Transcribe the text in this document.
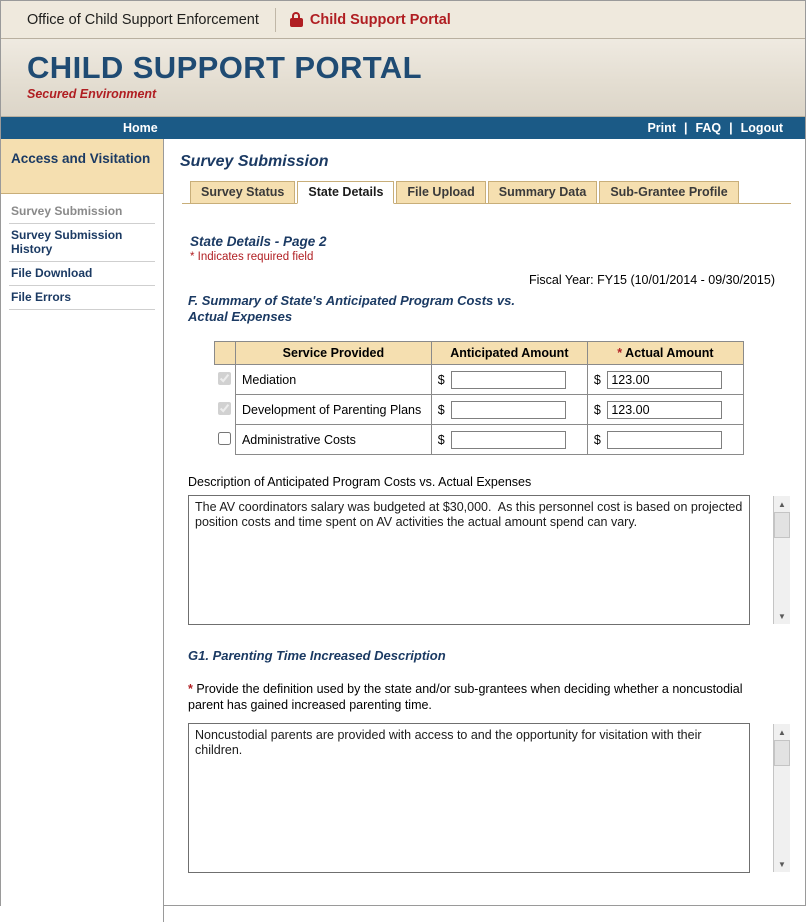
Office of Child Support Enforcement	Child Support Portal
CHILD SUPPORT PORTAL
Secured Environment
Home	Print | FAQ | Logout
Access and Visitation
Survey Submission
Survey Submission History
File Download
File Errors
Survey Submission
Survey Status	State Details	File Upload	Summary Data	Sub-Grantee Profile
State Details - Page 2
* Indicates required field
Fiscal Year: FY15 (10/01/2014 - 09/30/2015)
F. Summary of State's Anticipated Program Costs vs. Actual Expenses
	Service Provided	Anticipated Amount	* Actual Amount
	Mediation	$	$ 123.00
	Development of Parenting Plans	$	$ 123.00
	Administrative Costs	$	$
Description of Anticipated Program Costs vs. Actual Expenses
The AV coordinators salary was budgeted at $30,000. As this personnel cost is based on projected position costs and time spent on AV activities the actual amount spend can vary.
▲
▼
G1. Parenting Time Increased Description
* Provide the definition used by the state and/or sub-grantees when deciding whether a noncustodial parent has gained increased parenting time.
Noncustodial parents are provided with access to and the opportunity for visitation with their children.
▲
▼
